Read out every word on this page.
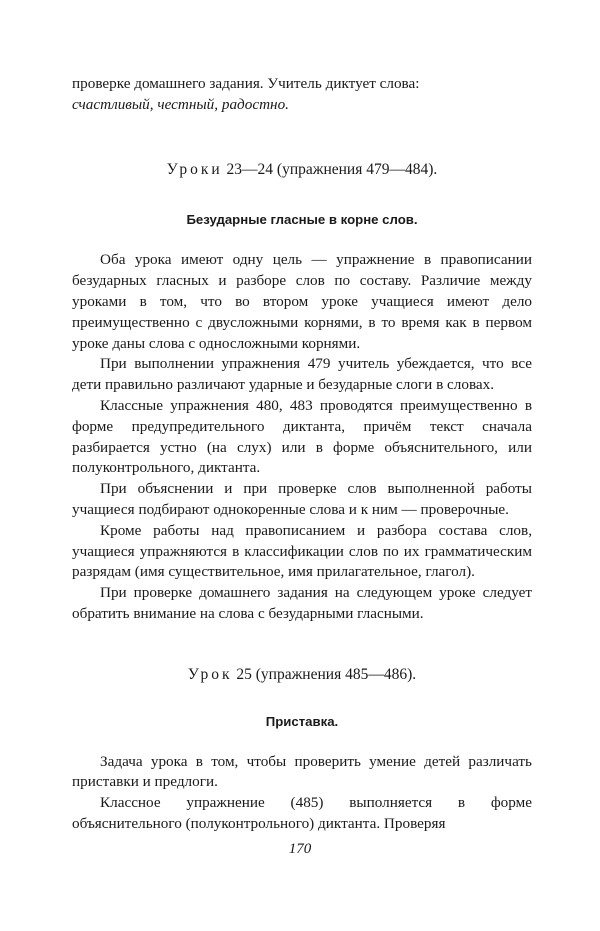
проверке домашнего задания. Учитель диктует слова:
счастливый, честный, радостно.

Уроки 23—24 (упражнения 479—484).

Безударные гласные в корне слов.

Оба урока имеют одну цель — упражнение в правописании безударных гласных и разборе слов по составу. Различие между уроками в том, что во втором уроке учащиеся имеют дело преимущественно с двусложными корнями, в то время как в первом уроке даны слова с односложными корнями.

При выполнении упражнения 479 учитель убеждается, что все дети правильно различают ударные и безударные слоги в словах.

Классные упражнения 480, 483 проводятся преимущественно в форме предупредительного диктанта, причём текст сначала разбирается устно (на слух) или в форме объяснительного, или полуконтрольного, диктанта.

При объяснении и при проверке слов выполненной работы учащиеся подбирают однокоренные слова и к ним — проверочные.

Кроме работы над правописанием и разбора состава слов, учащиеся упражняются в классификации слов по их грамматическим разрядам (имя существительное, имя прилагательное, глагол).

При проверке домашнего задания на следующем уроке следует обратить внимание на слова с безударными гласными.

Урок 25 (упражнения 485—486).

Приставка.

Задача урока в том, чтобы проверить умение детей различать приставки и предлоги.

Классное упражнение (485) выполняется в форме объяснительного (полуконтрольного) диктанта. Проверяя

170
